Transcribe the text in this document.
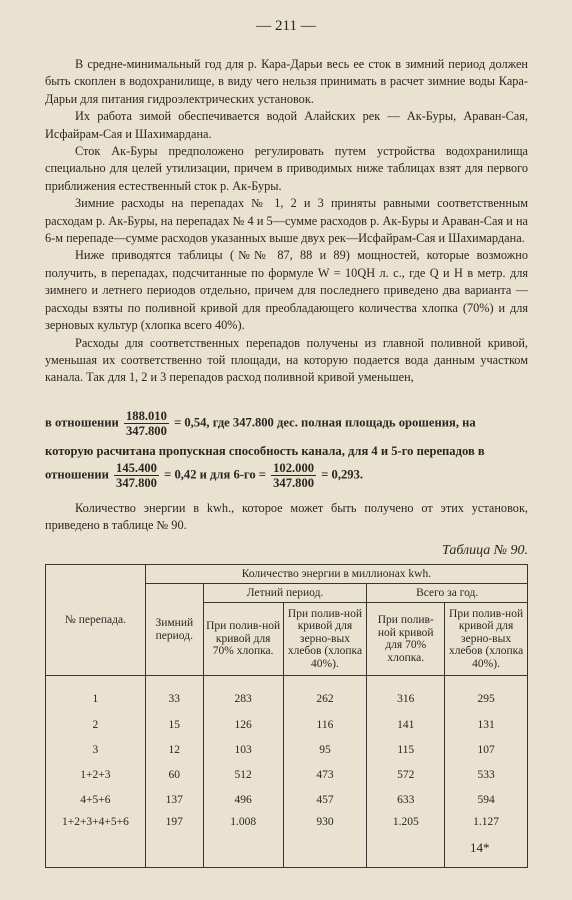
— 211 —

В средне-минимальный год для р. Кара-Дарьи весь ее сток в зимний период должен быть скоплен в водохранилище, в виду чего нельзя принимать в расчет зимние воды Кара-Дарьи для питания гидроэлектрических установок.

Их работа зимой обеспечивается водой Алайских рек — Ак-Буры, Араван-Сая, Исфайрам-Сая и Шахимардана.

Сток Ак-Буры предположено регулировать путем устройства водохранилища специально для целей утилизации, причем в приводимых ниже таблицах взят для первого приближения естественный сток р. Ак-Буры.

Зимние расходы на перепадах № 1, 2 и 3 приняты равными соответственным расходам р. Ак-Буры, на перепадах № 4 и 5—сумме расходов р. Ак-Буры и Араван-Сая и на 6-м перепаде—сумме расходов указанных выше двух рек—Исфайрам-Сая и Шахимардана.

Ниже приводятся таблицы (№№ 87, 88 и 89) мощностей, которые возможно получить, в перепадах, подсчитанные по формуле W = 10QH л. с., где Q и H в метр. для зимнего и летнего периодов отдельно, причем для последнего приведено два варианта — расходы взяты по поливной кривой для преобладающего количества хлопка (70%) и для зерновых культур (хлопка всего 40%).

Расходы для соответственных перепадов получены из главной поливной кривой, уменьшая их соответственно той площади, на которую подается вода данным участком канала. Так для 1, 2 и 3 перепадов расход поливной кривой уменьшен,

в отношении $\frac{188.010}{347.800} = 0,54$, где 347.800 дес. полная площадь орошения, на
которую расчитана пропускная способность канала, для 4 и 5-го перепадов в
отношении $\frac{145.400}{347.800} = 0,42$ и для $6-го = \frac{102.000}{347.800} = 0,293$.

Количество энергии в kwh., которое может быть получено от этих установок, приведено в таблице № 90.

Таблица № 90.
№ перепада.	Количество энергии в миллионах kwh.				
	Зимний период.	Летний период.		Всего за год.	
		При полив-ной кривой для 70% хлопка.	При полив-ной кривой для зерно-вых хлебов (хлопка 40%).	При полив-ной кривой для 70% хлопка.	При полив-ной кривой для зерно-вых хлебов (хлопка 40%).
1	33	283	262	316	295
2	15	126	116	141	131
3	12	103	95	115	107
1+2+3	60	512	473	572	533
4+5+6	137	496	457	633	594
1+2+3+4+5+6	197	1.008	930	1.205	1.127
14*
